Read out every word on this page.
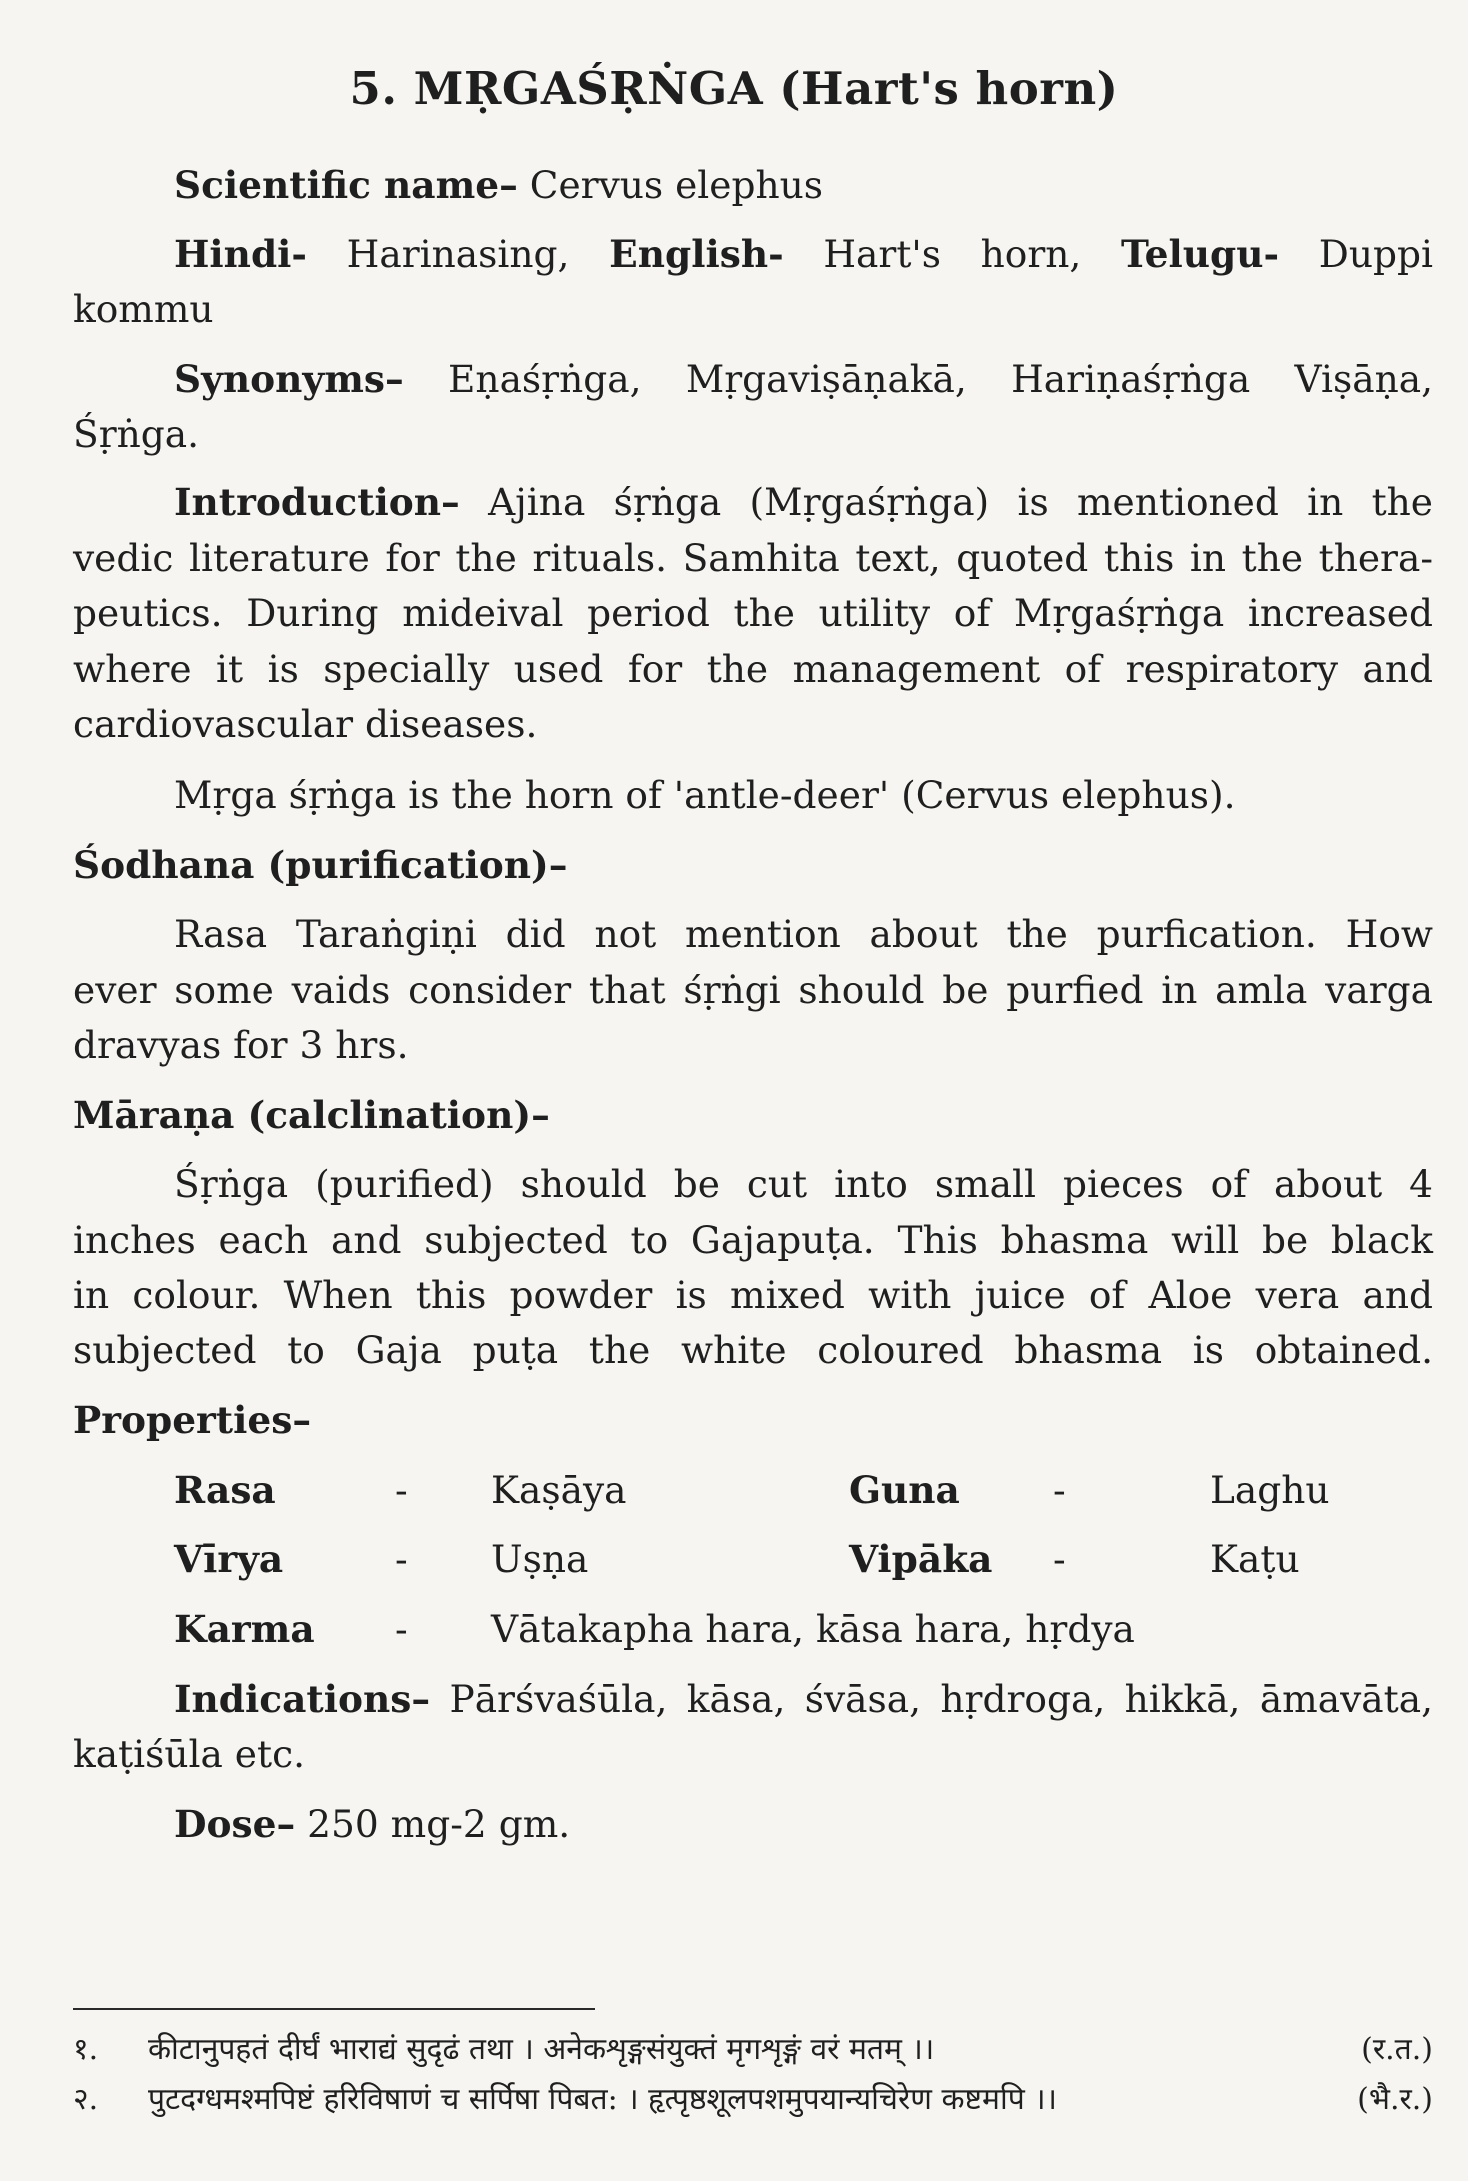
5. MṚGAŚṚṄGA (Hart's horn)
Scientific name– Cervus elephus
Hindi- Harinasing, English- Hart's horn, Telugu- Duppi
kommu
Synonyms– Eṇaśṛṅga, Mṛgaviṣāṇakā, Hariṇaśṛṅga Viṣāṇa,
Śṛṅga.
Introduction– Ajina śṛṅga (Mṛgaśṛṅga) is mentioned in the
vedic literature for the rituals. Samhita text, quoted this in the thera-
peutics. During mideival period the utility of Mṛgaśṛṅga increased
where it is specially used for the management of respiratory and
cardiovascular diseases.
Mṛga śṛṅga is the horn of 'antle-deer' (Cervus elephus).
Śodhana (purification)–
Rasa Taraṅgiṇi did not mention about the purfication. How
ever some vaids consider that śṛṅgi should be purfied in amla varga
dravyas for 3 hrs.
Māraṇa (calclination)–
Śṛṅga (purified) should be cut into small pieces of about 4
inches each and subjected to Gajapuṭa. This bhasma will be black
in colour. When this powder is mixed with juice of Aloe vera and
subjected to Gaja puṭa the white coloured bhasma is obtained.
Properties–
Rasa	- Kaṣāya	Guna -	Laghu
Vīrya	- Uṣṇa	Vipāka -	Kaṭu
Karma - Vātakapha hara, kāsa hara, hṛdya
Indications– Pārśvaśūla, kāsa, śvāsa, hṛdroga, hikkā, āmavāta,
kaṭiśūla etc.
Dose– 250 mg-2 gm.
१. कीटानुपहतं दीर्घं भाराद्यं सुदृढं तथा । अनेकशृङ्गसंयुक्तं मृगशृङ्गं वरं मतम् ।।	(र.त.)
२. पुटदग्धमश्मपिष्टं हरिविषाणं च सर्पिषा पिबत: । हृत्पृष्ठशूलपशमुपयान्यचिरेण कष्टमपि ।।	(भै.र.)
